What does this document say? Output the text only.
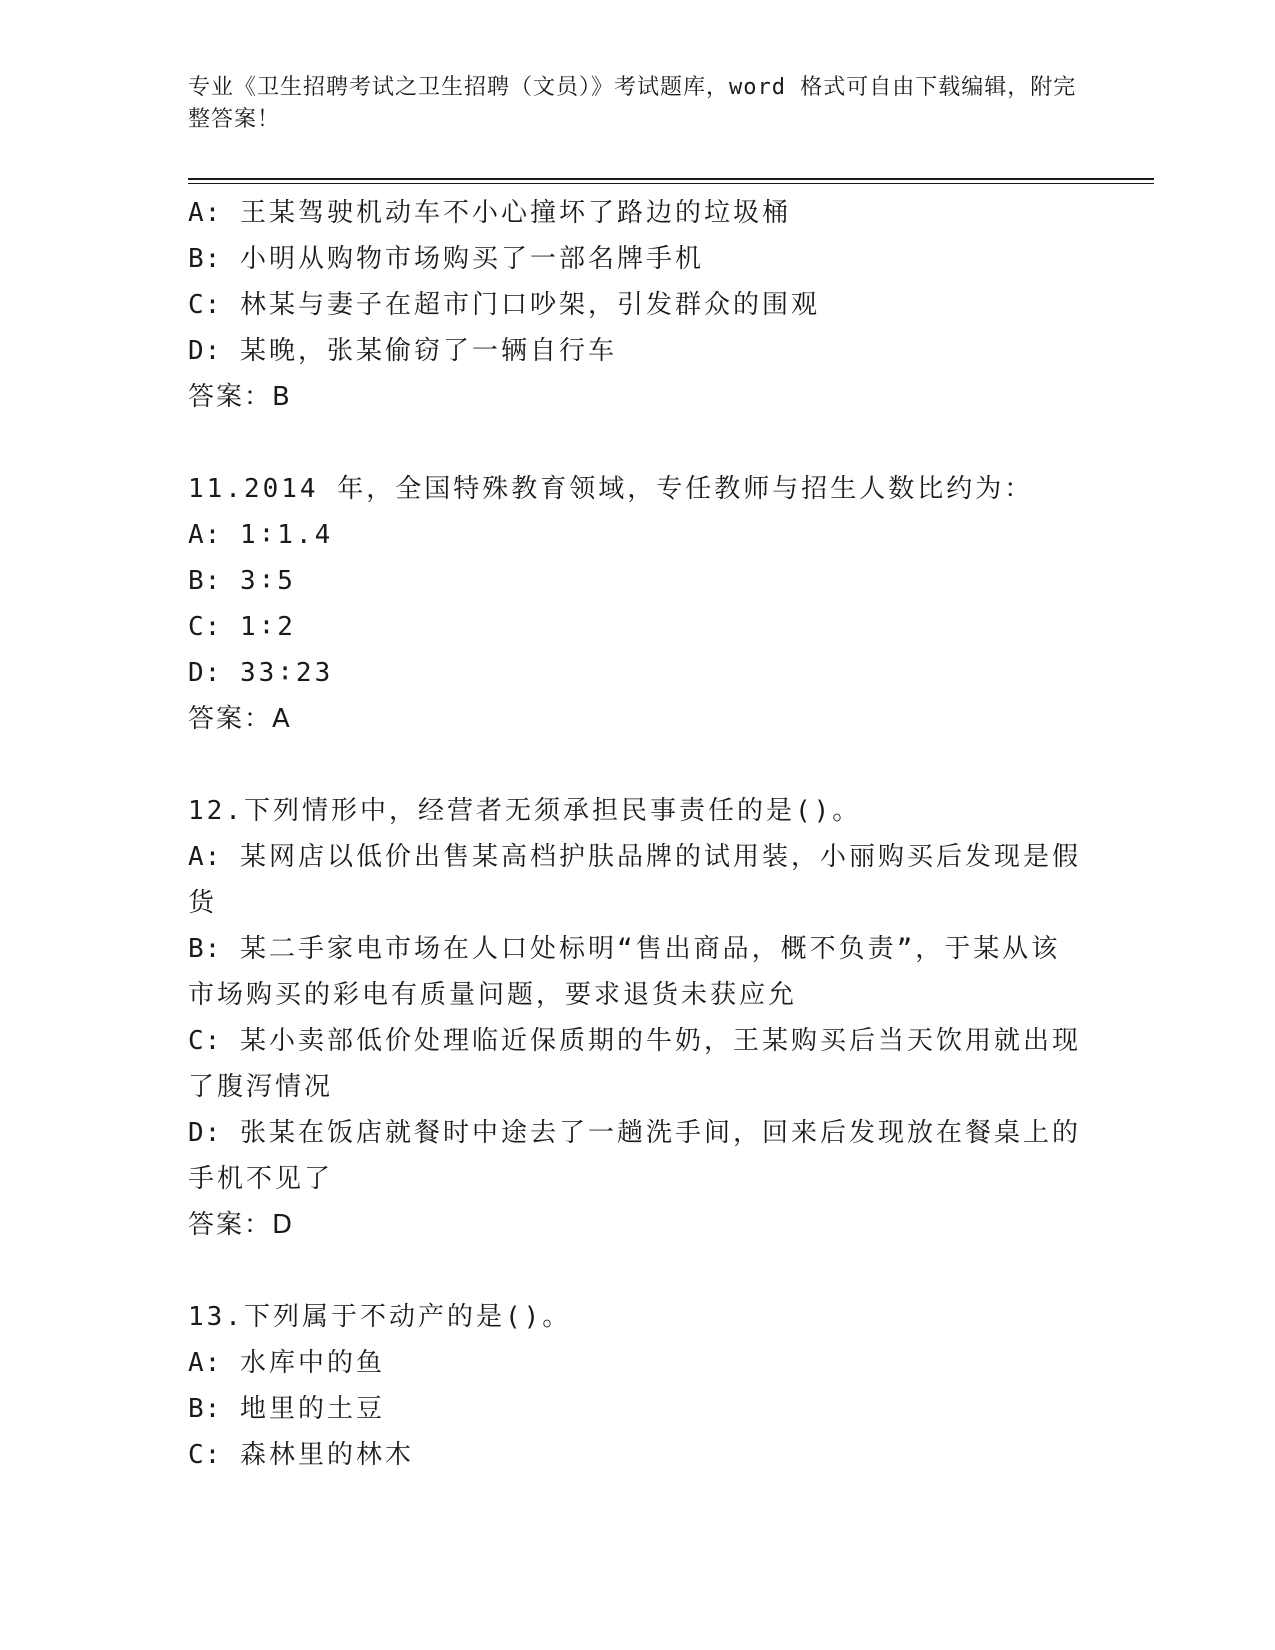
专业《卫生招聘考试之卫生招聘（文员）》考试题库，word 格式可自由下载编辑，附完整答案！
A: 王某驾驶机动车不小心撞坏了路边的垃圾桶
B: 小明从购物市场购买了一部名牌手机
C: 林某与妻子在超市门口吵架，引发群众的围观
D: 某晚，张某偷窃了一辆自行车
答案：B
11.2014 年，全国特殊教育领域，专任教师与招生人数比约为：
A: 1∶1.4
B: 3∶5
C: 1∶2
D: 33∶23
答案：A
12.下列情形中，经营者无须承担民事责任的是()。
A: 某网店以低价出售某高档护肤品牌的试用装，小丽购买后发现是假货
B: 某二手家电市场在人口处标明“售出商品，概不负责”，于某从该市场购买的彩电有质量问题，要求退货未获应允
C: 某小卖部低价处理临近保质期的牛奶，王某购买后当天饮用就出现了腹泻情况
D: 张某在饭店就餐时中途去了一趟洗手间，回来后发现放在餐桌上的手机不见了
答案：D
13.下列属于不动产的是()。
A: 水库中的鱼
B: 地里的土豆
C: 森林里的林木
